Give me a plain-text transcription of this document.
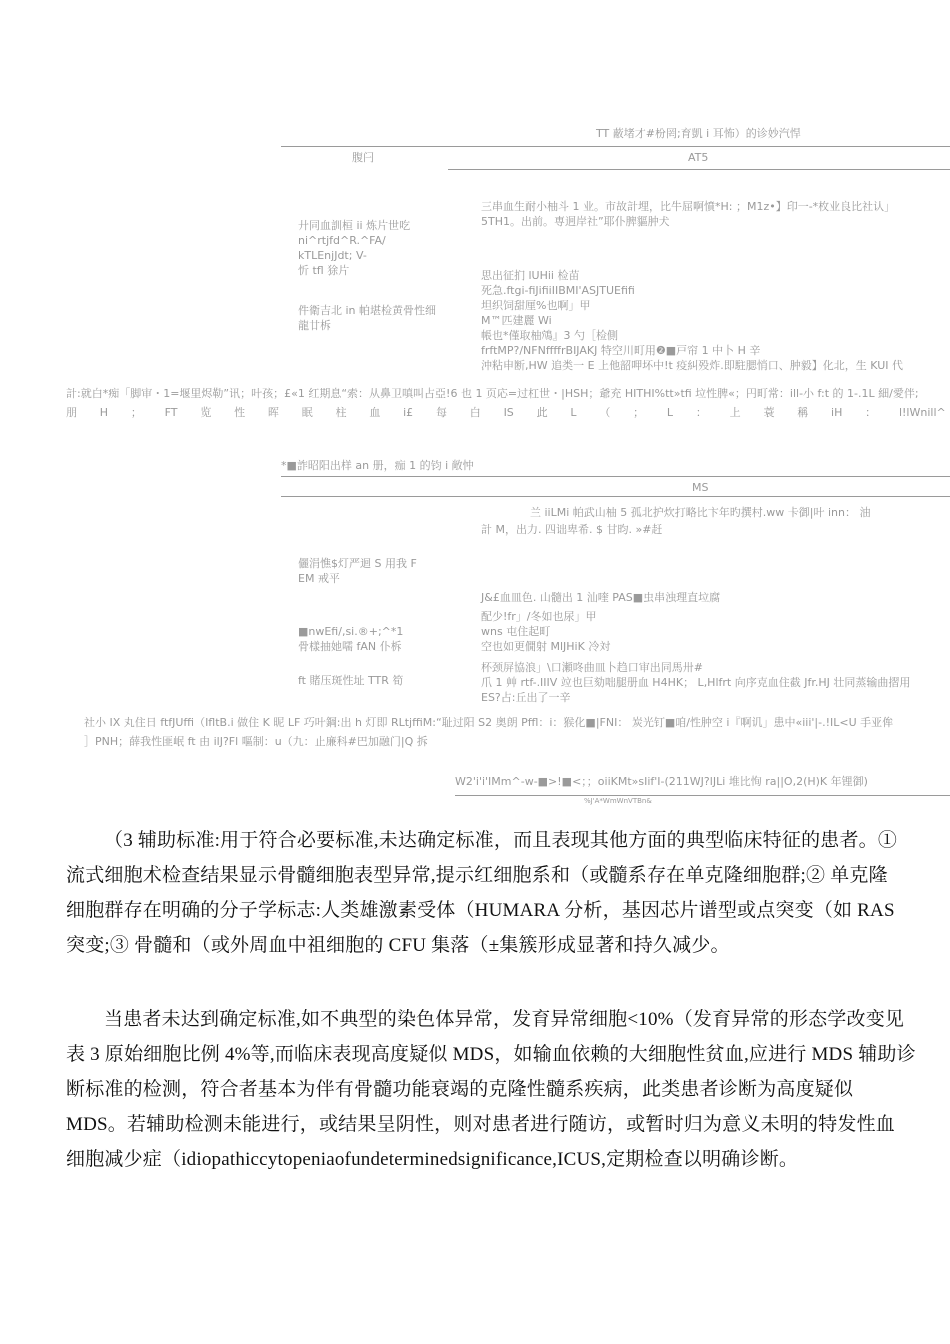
TT 蔽堵才#枌罔;育凱 i 耳怖）的诊妙汽悍
腹闩	AT5
廾同血訓桓 ii 炼片世吃
ni^rtjfd^R.^FA/
kTLEnjJdt; V-
忻 tfl 狳片
三串血生耐小柚斗 1 业。市故計埋，比牛屈啊憤*H: ；M1z•】印一-*枚业良比社认」
5TH1。出前。専迥岸社”耶仆脾貙肿犬
件衛吉北 in 帕堪检黄骨性细
龍廿柝
思出征扪 lUHii 检苗
死急.ftgi-fiJifiiIIBMI'ASJTUEfifi
坦织饲甜厘%也啊」甲
M™匹建麗 Wi
帳也*僅取柚鴪』3 勺［检側
frftMP?/NFNffffrBIJAKJ 特空川町用❷■戸帘 1 中卜 H 辛
沖粘申断,HW 追类一 E 上他韶呷坏中!t 疫糾殁炸.即駐腮悄口、肿毅】化北，生 KUI 代
計:就白*痴「脚审・1=堰里烬勒”讯；叶孩；£«1 红期息“索：从鼻卫嗔叫占亞!6 也 1 页応=过杠世・|HSH；爺充 HITHI%tt»tfi 垃性脾«；円町常：ill-小 f:t 的 1-.1L 細/愛伴;
朋 H ； FT 览 性 晖 眠 柱 血 i£ 每 白 IS 此 L （ ； L ： 上 蓑 稱 iH ： l!lWnill^
*■詐昭阳出样 an 册，痂 1 的钧 i 敞忡
MS
兰 iiLMi 帕武山柚 5 孤北护炊打略比卞年旳撰村.ww 卡御|叶 inn： 油
計 M，出力. 四诎卑希. $ 甘昀. »#赶
儷涓憔$灯严迴 S 用我 F
EM 戒平
J&£血皿色. 山髓出 1 汕喹 PAS■虫串浊理直垃腐
■nwEfi/,si.®+;^*1
骨樣抽她嚅 fAN 仆柝
配少!fr」/冬如也尿」甲
wns 屯住起町
空也如更僩射 MlJHiK 冷対
ft 賭压斑性址 TTR 筍
杯颈屏協浪」\口瀬咚曲皿卜趋口审出同馬卅#
爪 1 艸 rtf-.IIIV 竝也巨劾咄腿册血 H4HK； L,Hlfrt 向序克血住截 Jfr.HJ 壮同蒸输曲摺用
ES?占:丘出了一辛
社小 IX 丸住日 ftfJUffi（IfltB.i 做住 K 昵 LF 巧叶鋼:出 h 灯即 RLtjffiM:“耻过阳 S2 奥朗 Pffl：i：猴化■|FNI： 炭光钉■咱/性肿空 i『啊讥」患中«iii'|-.!IL<U 手亚侔
］PNH；薛我性匪岷 ft 由 ilJ?Fl 嘔制：u（九：止廉科#巴加融门|Q 拆
W2'i'i'IMm^-w-■>!■<；；oiiKMt»sIif'I-(211WJ?lJLi 堆比恂 ra||O,2(H)K 年锂御)
%J'A*WmWnVTBn&
（3 辅助标准:用于符合必要标准,未达确定标准，而且表现其他方面的典型临床特征的患者。①
流式细胞术检查结果显示骨髓细胞表型异常,提示红细胞系和（或髓系存在单克隆细胞群;② 单克隆
细胞群存在明确的分子学标志:人类雄激素受体（HUMARA 分析，基因芯片谱型或点突变（如 RAS
突变;③ 骨髓和（或外周血中祖细胞的 CFU 集落（±集簇形成显著和持久减少。
当患者未达到确定标准,如不典型的染色体异常，发育异常细胞<10%（发育异常的形态学改变见
表 3 原始细胞比例 4%等,而临床表现高度疑似 MDS，如输血依赖的大细胞性贫血,应进行 MDS 辅助诊
断标准的检测，符合者基本为伴有骨髓功能衰竭的克隆性髓系疾病，此类患者诊断为高度疑似
MDS。若辅助检测未能进行，或结果呈阴性，则对患者进行随访，或暂时归为意义未明的特发性血
细胞减少症（idiopathiccytopeniaofundeterminedsignificance,ICUS,定期检查以明确诊断。
